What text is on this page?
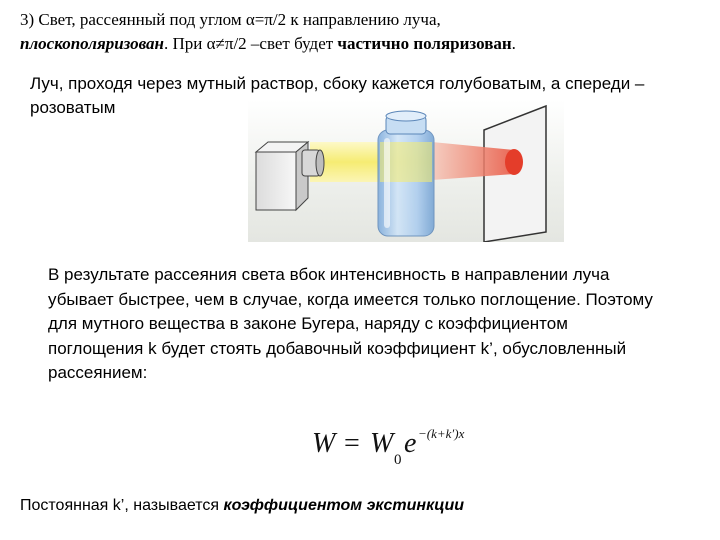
3) Свет, рассеянный под углом α=π/2 к направлению луча,
плоскополяризован. При α≠π/2 –свет будет частично поляризован.

Луч, проходя через мутный раствор, сбоку кажется голубоватым, а спереди – розоватым

В результате рассеяния света вбок интенсивность в направлении луча убывает быстрее, чем в случае, когда имеется только поглощение. Поэтому для мутного вещества в законе Бугера, наряду с коэффициентом поглощения k будет стоять добавочный коэффициент k’, обусловленный рассеянием:

W = W
0
e −(k+k′)x

Постоянная k’, называется коэффициентом экстинкции
